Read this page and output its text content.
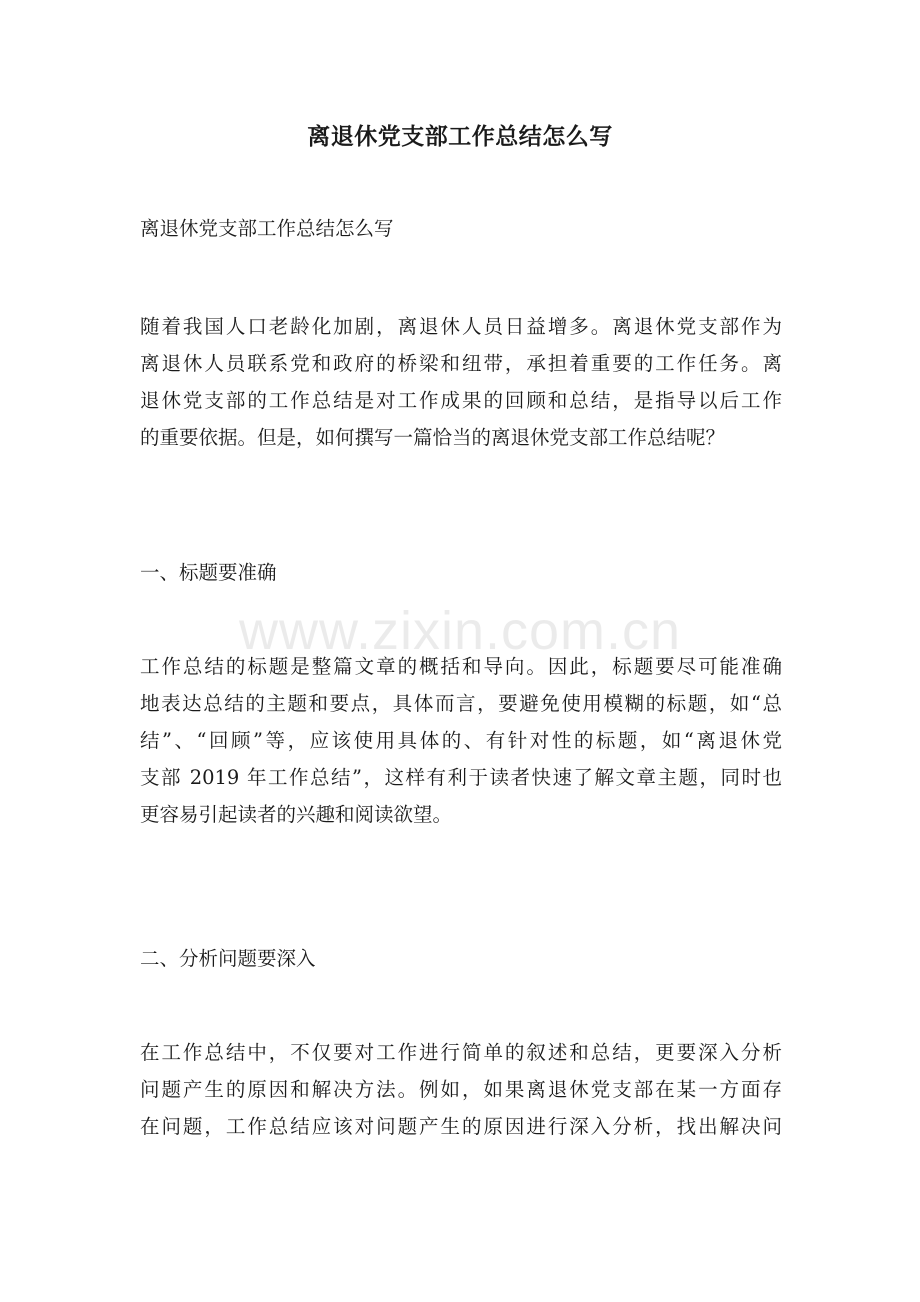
离退休党支部工作总结怎么写
离退休党支部工作总结怎么写
随着我国人口老龄化加剧，离退休人员日益增多。离退休党支部作为
离退休人员联系党和政府的桥梁和纽带，承担着重要的工作任务。离
退休党支部的工作总结是对工作成果的回顾和总结，是指导以后工作
的重要依据。但是，如何撰写一篇恰当的离退休党支部工作总结呢？
一、标题要准确
工作总结的标题是整篇文章的概括和导向。因此，标题要尽可能准确
地表达总结的主题和要点，具体而言，要避免使用模糊的标题，如“总
结”、“回顾”等，应该使用具体的、有针对性的标题，如“离退休党
支部 2019 年工作总结”，这样有利于读者快速了解文章主题，同时也
更容易引起读者的兴趣和阅读欲望。
二、分析问题要深入
在工作总结中，不仅要对工作进行简单的叙述和总结，更要深入分析
问题产生的原因和解决方法。例如，如果离退休党支部在某一方面存
在问题，工作总结应该对问题产生的原因进行深入分析，找出解决问
www.zixin.com.cn
